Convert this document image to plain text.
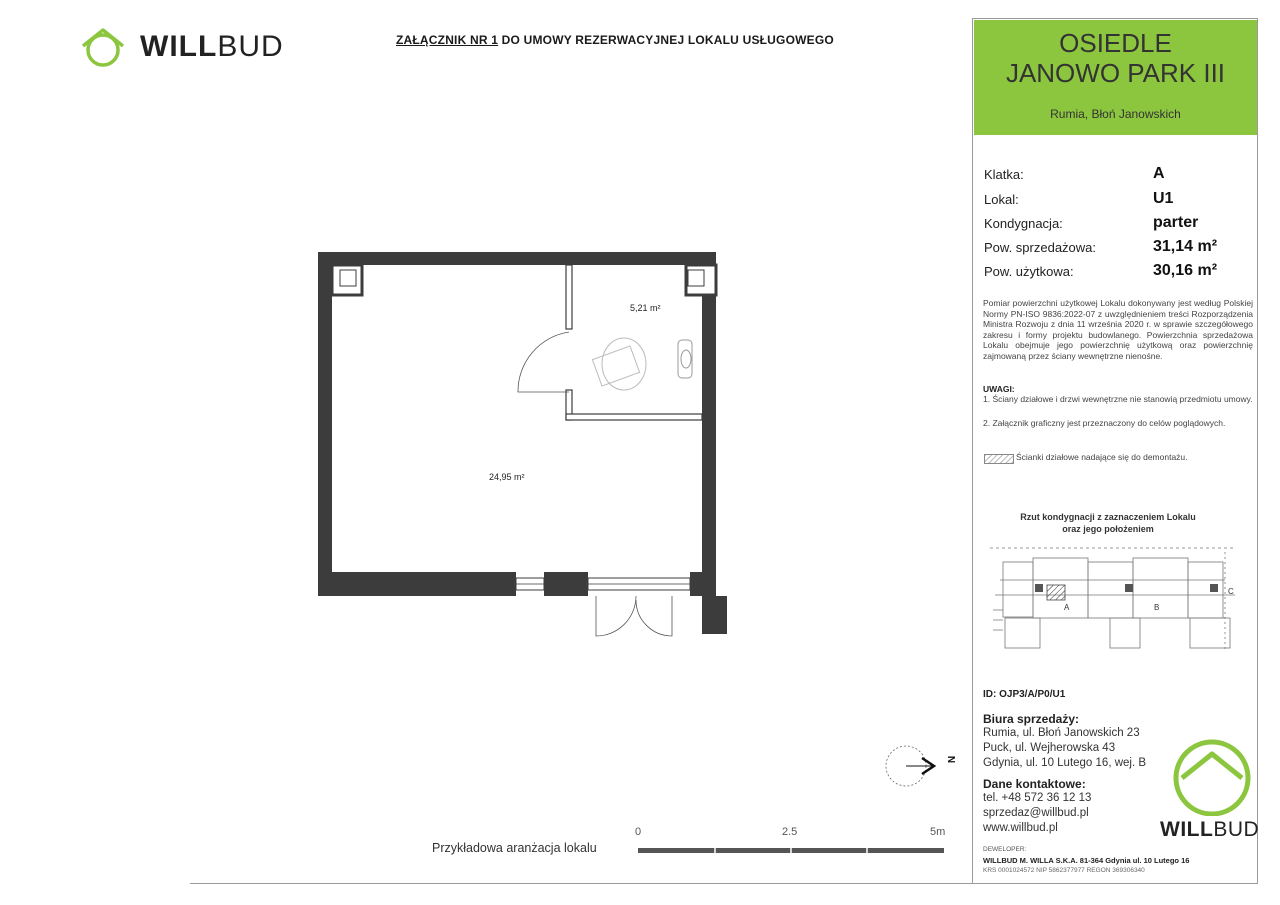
WILLBUD	ZAŁĄCZNIK NR 1 DO UMOWY REZERWACYJNEJ LOKALU USŁUGOWEGO	OSIEDLE
JANOWO PARK III
Rumia, Błoń Janowskich
Klatka:	A
Lokal:	U1
Kondygnacja:	parter
Pow. sprzedażowa:	31,14 m²
Pow. użytkowa:	30,16 m²
Pomiar powierzchni użytkowej Lokalu dokonywany jest według Polskiej Normy PN-ISO 9836:2022-07 z uwzględnieniem treści Rozporządzenia Ministra Rozwoju z dnia 11 września 2020 r. w sprawie szczegółowego zakresu i formy projektu budowlanego. Powierzchnia sprzedażowa Lokalu obejmuje jego powierzchnię użytkową oraz powierzchnię zajmowaną przez ściany wewnętrzne nienośne.
UWAGI:
1. Ściany działowe i drzwi wewnętrzne nie stanowią przedmiotu umowy.
2. Załącznik graficzny jest przeznaczony do celów poglądowych.
Ścianki działowe nadające się do demontażu.
Rzut kondygnacji z zaznaczeniem Lokalu
oraz jego położeniem
A	B
C
ID: OJP3/A/P0/U1
Biura sprzedaży:
Rumia, ul. Błoń Janowskich 23
Puck, ul. Wejherowska 43
Gdynia, ul. 10 Lutego 16, wej. B
Dane kontaktowe:
tel. +48 572 36 12 13
sprzedaz@willbud.pl
www.willbud.pl	WILLBUD
DEWELOPER:
WILLBUD M. WILLA S.K.A. 81-364 Gdynia ul. 10 Lutego 16
KRS 0001024572 NIP 5862377977 REGON 369306340
5,21 m²
24,95 m²
N
Przykładowa aranżacja lokalu
0	2.5	5m
